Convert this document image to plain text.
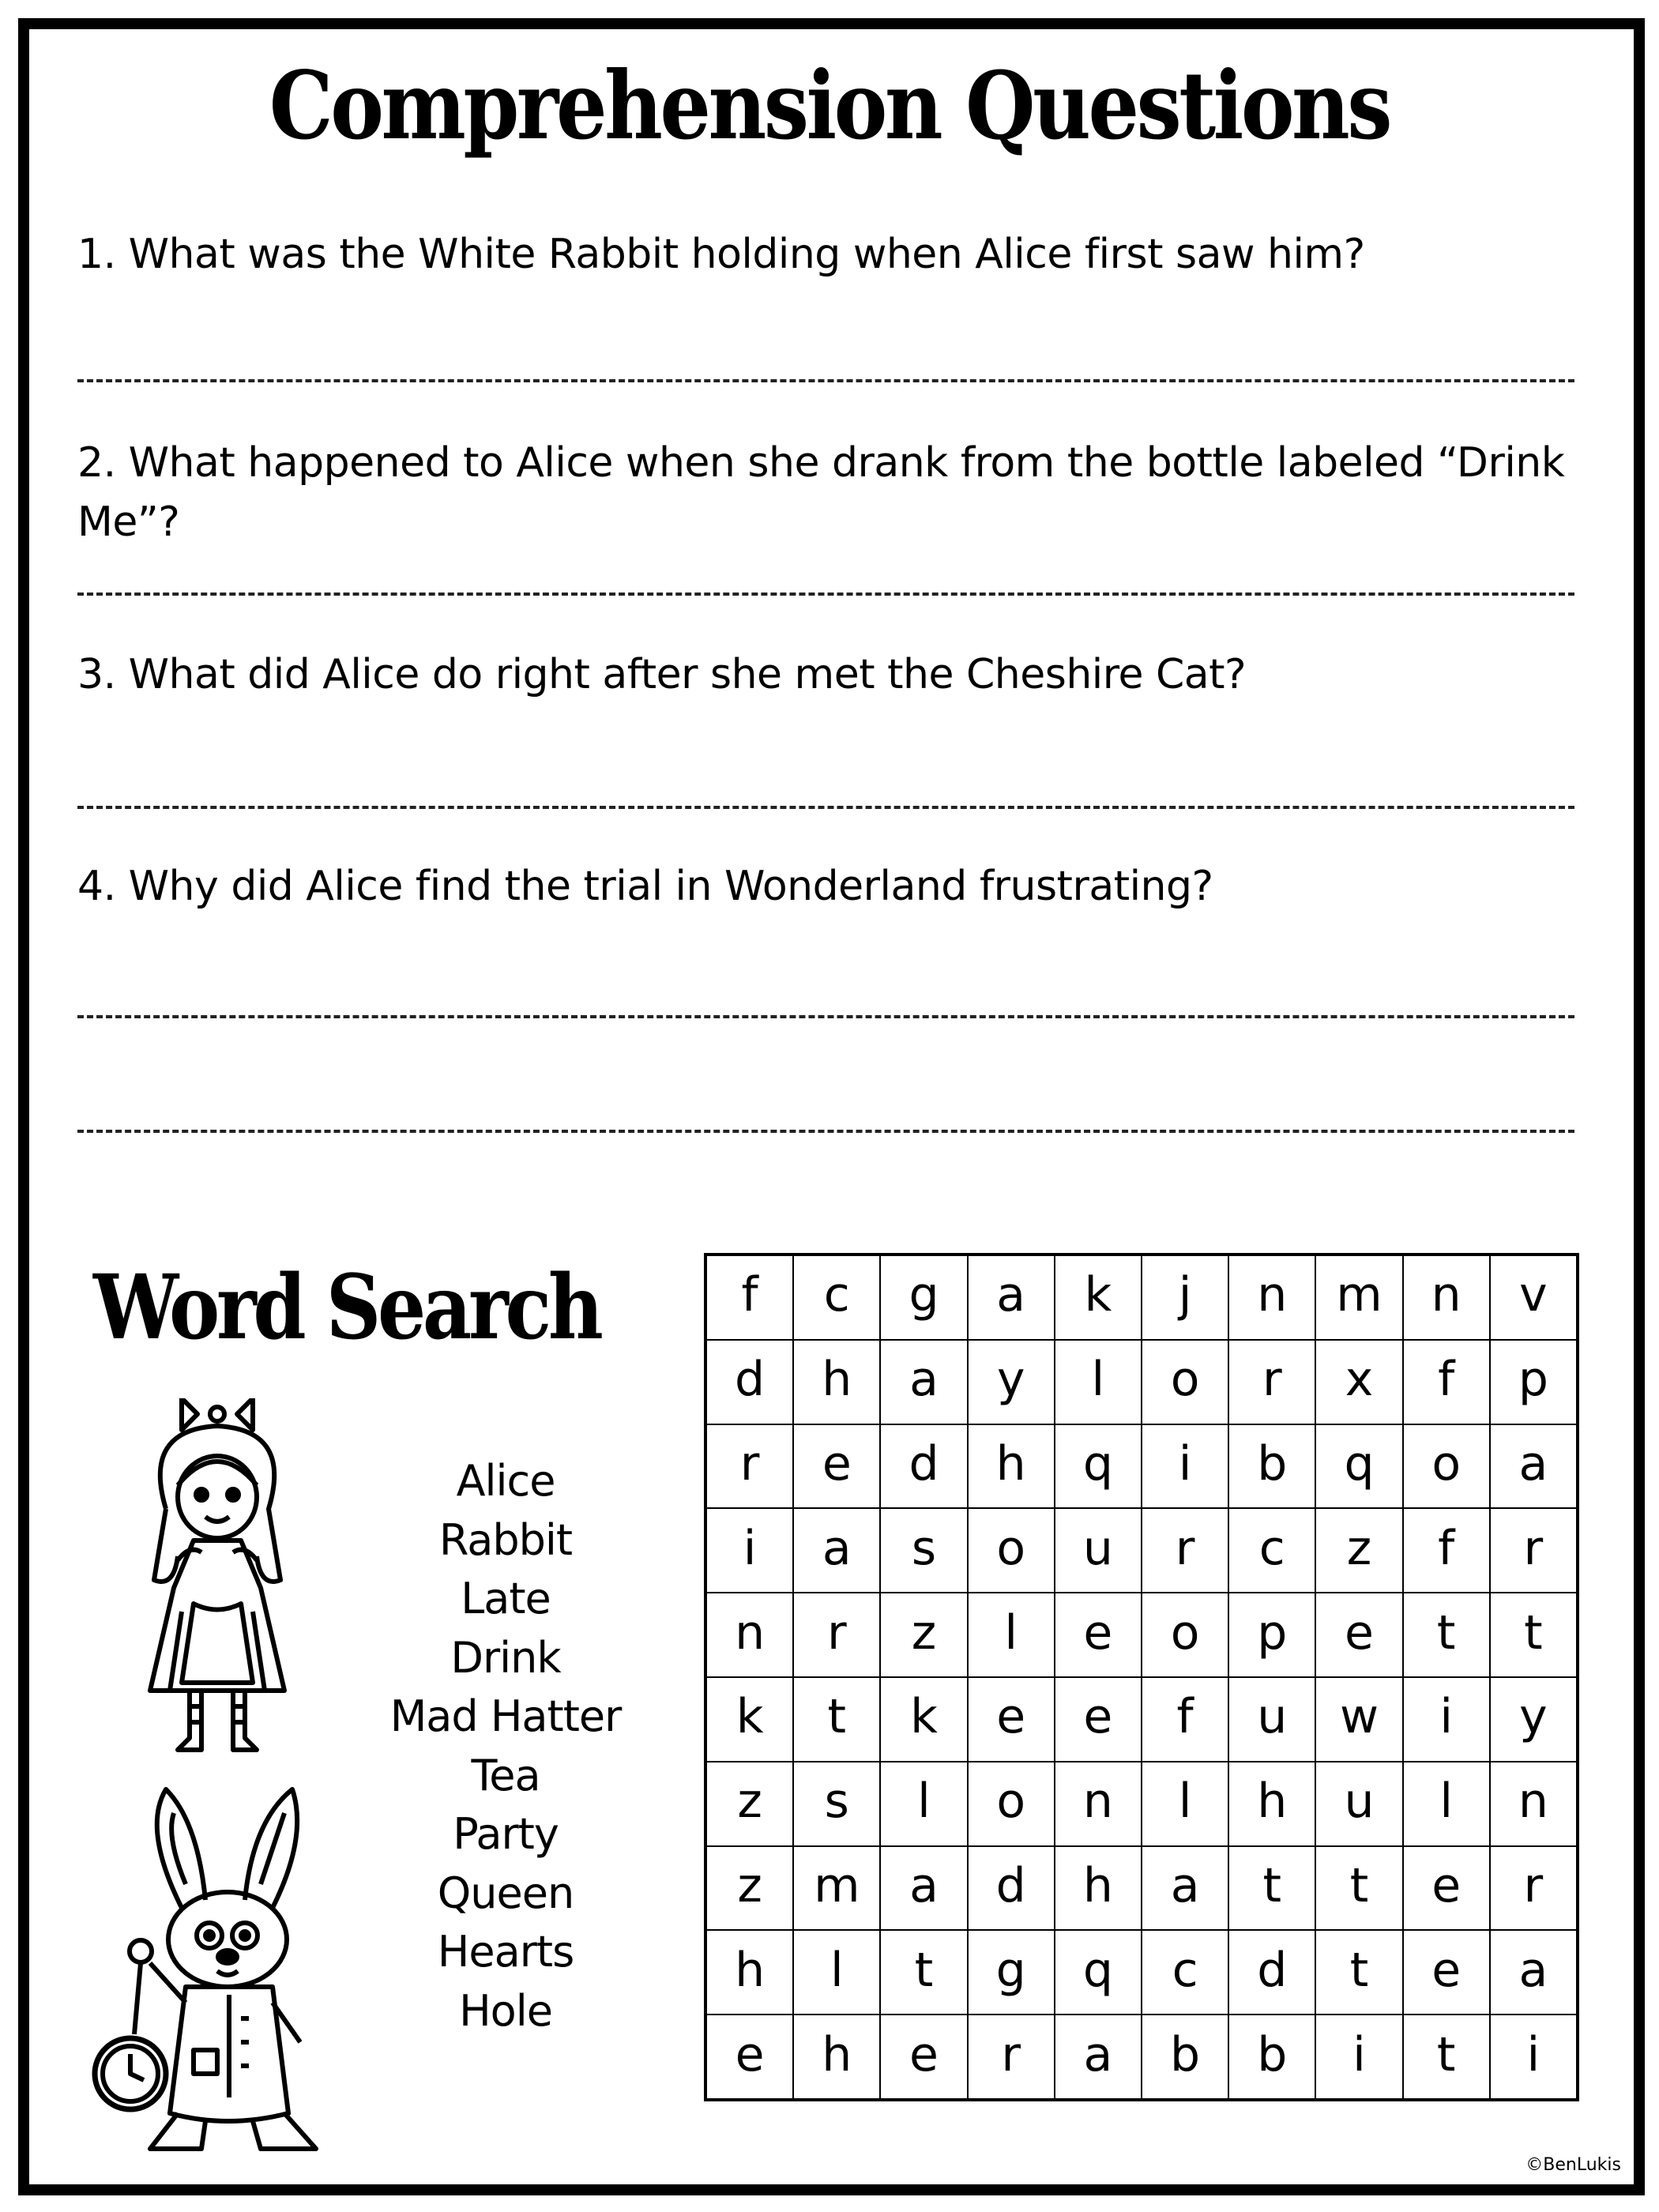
Comprehension Questions
1. What was the White Rabbit holding when Alice first saw him?
2. What happened to Alice when she drank from the bottle labeled “Drink
Me”?
3. What did Alice do right after she met the Cheshire Cat?
4. Why did Alice find the trial in Wonderland frustrating?
Word Search
Alice
Rabbit
Late
Drink
Mad Hatter
Tea
Party
Queen
Hearts
Hole
f	c	g	a	k	j	n	m	n	v
d	h	a	y	l	o	r	x	f	p
r	e	d	h	q	i	b	q	o	a
i	a	s	o	u	r	c	z	f	r
n	r	z	l	e	o	p	e	t	t
k	t	k	e	e	f	u	w	i	y
z	s	l	o	n	l	h	u	l	n
z	m	a	d	h	a	t	t	e	r
h	l	t	g	q	c	d	t	e	a
e	h	e	r	a	b	b	i	t	i
©BenLukis
